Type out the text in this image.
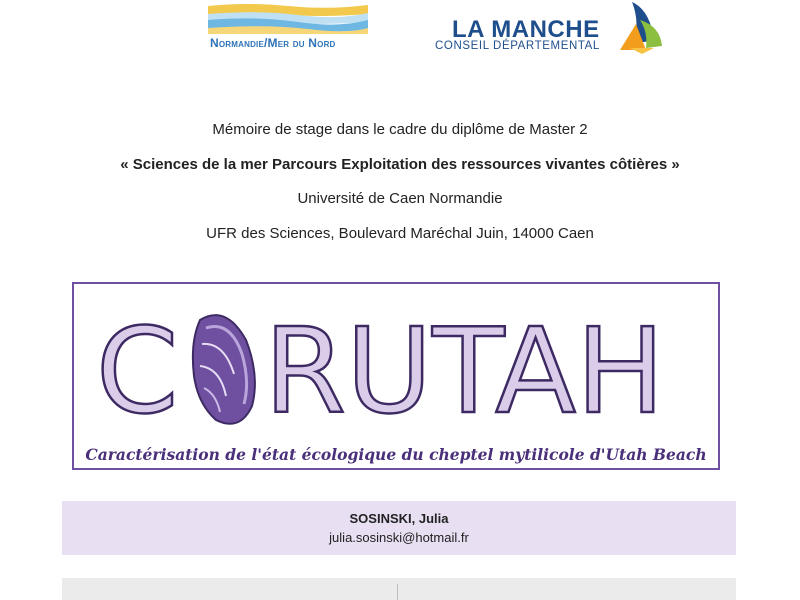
Normandie/Mer du Nord	LA MANCHE
CONSEIL DÉPARTEMENTAL
Mémoire de stage dans le cadre du diplôme de Master 2
« Sciences de la mer Parcours Exploitation des ressources vivantes côtières »
Université de Caen Normandie
UFR des Sciences, Boulevard Maréchal Juin, 14000 Caen
C RUTAH
Caractérisation de l'état écologique du cheptel mytilicole d'Utah Beach
SOSINSKI, Julia
julia.sosinski@hotmail.fr
